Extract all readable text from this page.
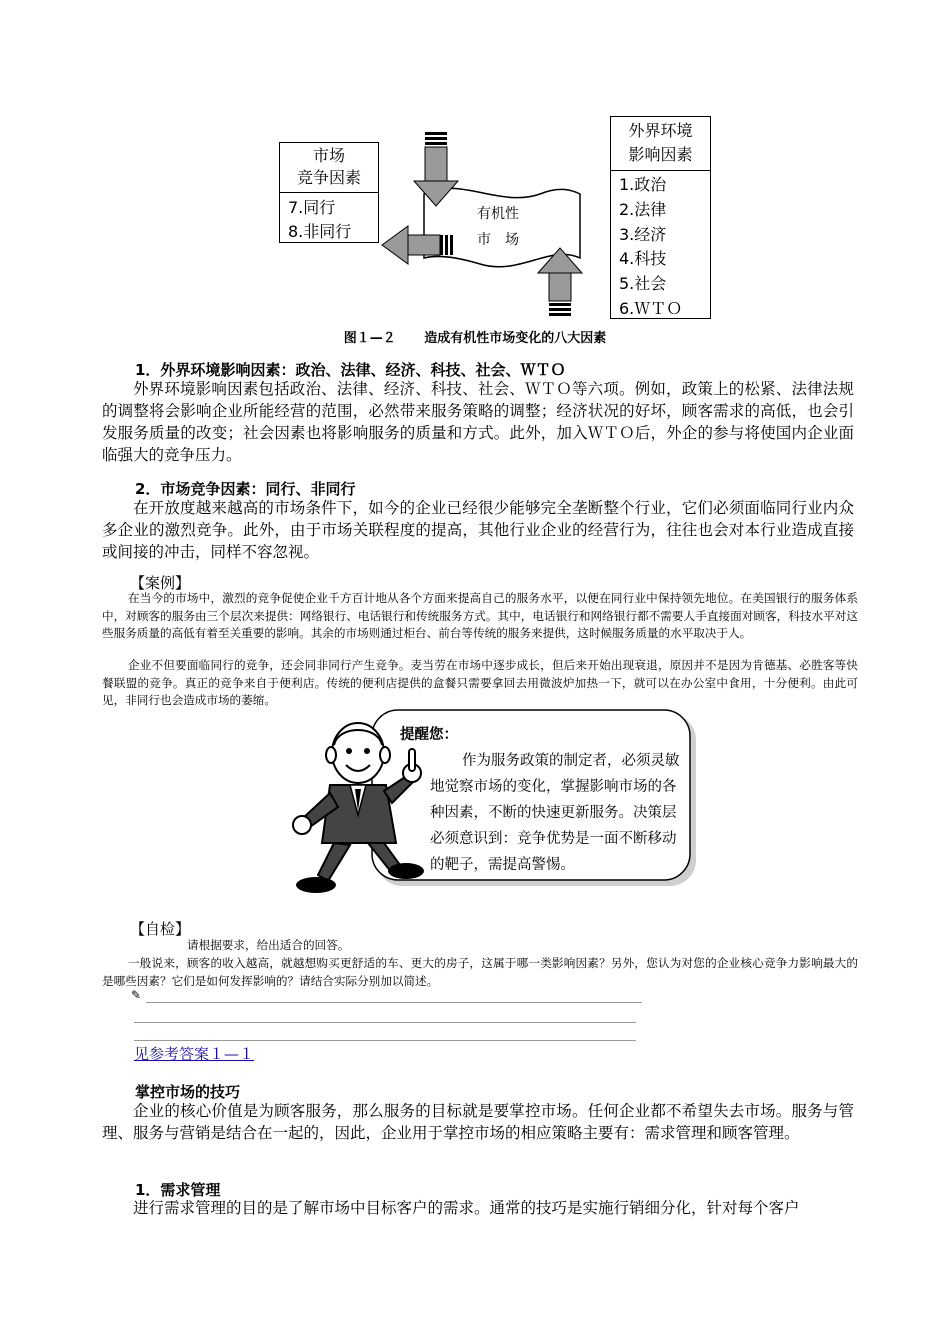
市场
竞争因素
7.同行
8.非同行
外界环境
影响因素
1.政治
2.法律
3.经济
4.科技
5.社会
6.ＷＴＯ
有机性
市　场
图１—２ 造成有机性市场变化的八大因素
1．外界环境影响因素：政治、法律、经济、科技、社会、ＷＴＯ
外界环境影响因素包括政治、法律、经济、科技、社会、ＷＴＯ等六项。例如，政策上的松紧、法律法规的调整将会影响企业所能经营的范围，必然带来服务策略的调整；经济状况的好坏，顾客需求的高低，也会引发服务质量的改变；社会因素也将影响服务的质量和方式。此外，加入ＷＴＯ后，外企的参与将使国内企业面临强大的竞争压力。
2．市场竞争因素：同行、非同行
在开放度越来越高的市场条件下，如今的企业已经很少能够完全垄断整个行业，它们必须面临同行业内众多企业的激烈竞争。此外，由于市场关联程度的提高，其他行业企业的经营行为，往往也会对本行业造成直接或间接的冲击，同样不容忽视。
【案例】
在当今的市场中，激烈的竞争促使企业千方百计地从各个方面来提高自己的服务水平，以便在同行业中保持领先地位。在美国银行的服务体系中，对顾客的服务由三个层次来提供：网络银行、电话银行和传统服务方式。其中，电话银行和网络银行都不需要人手直接面对顾客，科技水平对这些服务质量的高低有着至关重要的影响。其余的市场则通过柜台、前台等传统的服务来提供，这时候服务质量的水平取决于人。
企业不但要面临同行的竞争，还会同非同行产生竞争。麦当劳在市场中逐步成长，但后来开始出现衰退，原因并不是因为肯德基、必胜客等快餐联盟的竞争。真正的竞争来自于便利店。传统的便利店提供的盒餐只需要拿回去用微波炉加热一下，就可以在办公室中食用，十分便利。由此可见，非同行也会造成市场的萎缩。
提醒您：
作为服务政策的制定者，必须灵敏
地觉察市场的变化，掌握影响市场的各
种因素，不断的快速更新服务。决策层
必须意识到：竞争优势是一面不断移动
的靶子，需提高警惕。
【自检】
请根据要求，给出适合的回答。
一般说来，顾客的收入越高，就越想购买更舒适的车、更大的房子，这属于哪一类影响因素？另外，您认为对您的企业核心竞争力影响最大的是哪些因素？它们是如何发挥影响的？请结合实际分别加以简述。
✎
见参考答案１—１
掌控市场的技巧
企业的核心价值是为顾客服务，那么服务的目标就是要掌控市场。任何企业都不希望失去市场。服务与管理、服务与营销是结合在一起的，因此，企业用于掌控市场的相应策略主要有：需求管理和顾客管理。
1．需求管理
进行需求管理的目的是了解市场中目标客户的需求。通常的技巧是实施行销细分化，针对每个客户
